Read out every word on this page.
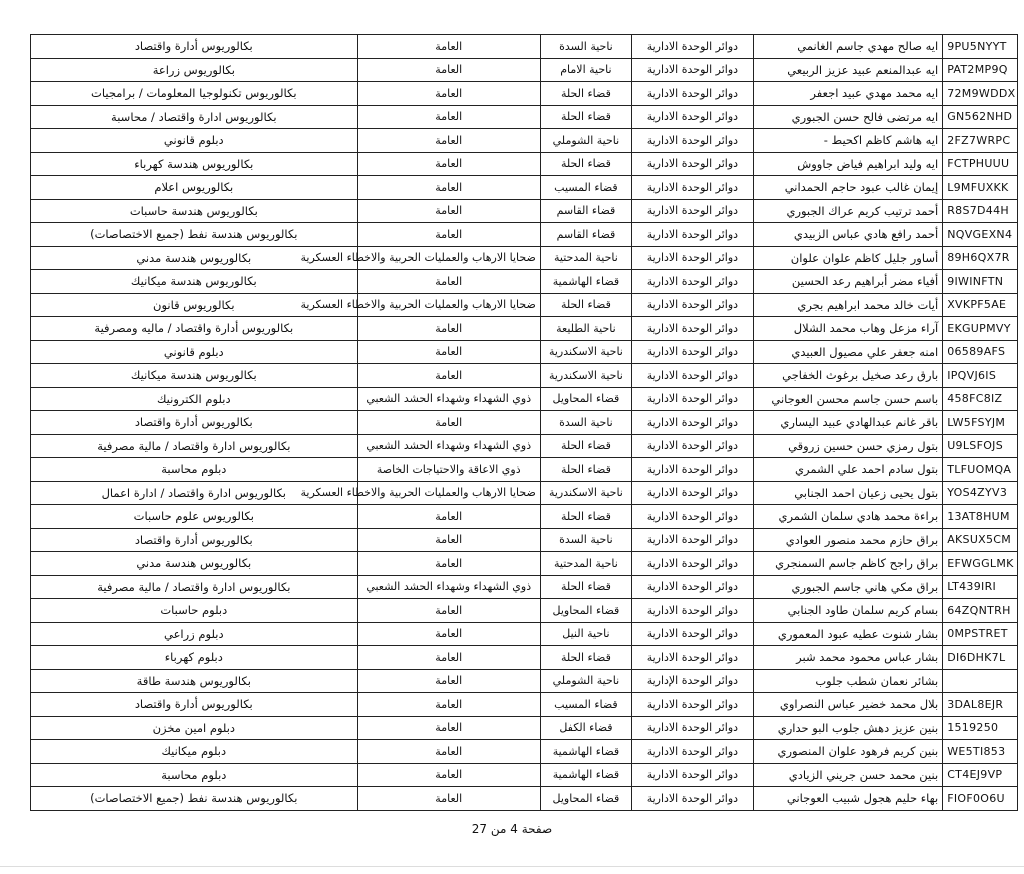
بكالوريوس أدارة واقتصاد	العامة	ناحية السدة	دوائر الوحدة الادارية	ايه صالح مهدي جاسم الغانمي	9PU5NYYT	
بكالوريوس زراعة	العامة	ناحية الامام	دوائر الوحدة الادارية	ايه عبدالمنعم عبيد عزيز الربيعي	PAT2MP9Q	
بكالوريوس تكنولوجيا المعلومات / برامجيات	العامة	قضاء الحلة	دوائر الوحدة الادارية	ايه محمد مهدي عبيد اجعفر	72M9WDDX	
بكالوريوس ادارة واقتصاد / محاسبة	العامة	قضاء الحلة	دوائر الوحدة الادارية	ايه مرتضى فالح حسن الجبوري	GN562NHD	
دبلوم قانوني	العامة	ناحية الشوملي	دوائر الوحدة الادارية	ايه هاشم كاظم اكحيط -	2FZ7WRPC	
بكالوريوس هندسة كهرباء	العامة	قضاء الحلة	دوائر الوحدة الادارية	ايه وليد ابراهيم فياض جاووش	FCTPHUUU	
بكالوريوس اعلام	العامة	قضاء المسيب	دوائر الوحدة الادارية	إيمان غالب عبود حاجم الحمداني	L9MFUXKK	
بكالوريوس هندسة حاسبات	العامة	قضاء القاسم	دوائر الوحدة الادارية	أحمد ترتيب كريم عراك الجبوري	R8S7D44H	
بكالوريوس هندسة نفط (جميع الاختصاصات)	العامة	قضاء القاسم	دوائر الوحدة الادارية	أحمد رافع هادي عباس الزبيدي	NQVGEXN4	
بكالوريوس هندسة مدني	ضحايا الارهاب والعمليات الحربية والاخطاء العسكرية	ناحية المدحتية	دوائر الوحدة الادارية	أساور جليل كاظم علوان علوان	89H6QX7R	
بكالوريوس هندسة ميكانيك	العامة	قضاء الهاشمية	دوائر الوحدة الادارية	أفياء مضر أبراهيم رعد الحسين	9IWINFTN	
بكالوريوس قانون	ضحايا الارهاب والعمليات الحربية والاخطاء العسكرية	قضاء الحلة	دوائر الوحدة الادارية	أيات خالد محمد ابراهيم بجري	XVKPF5AE	
بكالوريوس أدارة واقتصاد / ماليه ومصرفية	العامة	ناحية الطليعة	دوائر الوحدة الادارية	آراء مزعل وهاب محمد الشلال	EKGUPMVY	
دبلوم قانوني	العامة	ناحية الاسكندرية	دوائر الوحدة الادارية	امنه جعفر علي مصيول العبيدي	06589AFS	
بكالوريوس هندسة ميكانيك	العامة	ناحية الاسكندرية	دوائر الوحدة الادارية	بارق رعد صخيل برغوث الخفاجي	IPQVJ6IS	
دبلوم الكترونيك	ذوي الشهداء وشهداء الحشد الشعبي	قضاء المحاويل	دوائر الوحدة الادارية	باسم حسن جاسم محسن العوجاني	458FC8IZ	
بكالوريوس أدارة واقتصاد	العامة	ناحية السدة	دوائر الوحدة الادارية	باقر غانم عبدالهادي عبيد اليساري	LW5FSYJM	
بكالوريوس ادارة واقتصاد / مالية مصرفية	ذوي الشهداء وشهداء الحشد الشعبي	قضاء الحلة	دوائر الوحدة الادارية	بتول رمزي حسن حسين زروقي	U9LSFOJS	
دبلوم محاسبة	ذوي الاعاقة والاحتياجات الخاصة	قضاء الحلة	دوائر الوحدة الادارية	بتول سادم احمد علي الشمري	TLFUOMQA	
بكالوريوس ادارة واقتصاد / ادارة اعمال	ضحايا الارهاب والعمليات الحربية والاخطاء العسكرية	ناحية الاسكندرية	دوائر الوحدة الادارية	بتول يحيى زعيان احمد الجنابي	YOS4ZYV3	
بكالوريوس علوم حاسبات	العامة	قضاء الحلة	دوائر الوحدة الادارية	براءة محمد هادي سلمان الشمري	13AT8HUM	
بكالوريوس أدارة واقتصاد	العامة	ناحية السدة	دوائر الوحدة الادارية	براق حازم محمد منصور العوادي	AKSUX5CM	
بكالوريوس هندسة مدني	العامة	ناحية المدحتية	دوائر الوحدة الادارية	براق راجح كاظم جاسم السمنجري	EFWGGLMK	
بكالوريوس ادارة واقتصاد / مالية مصرفية	ذوي الشهداء وشهداء الحشد الشعبي	قضاء الحلة	دوائر الوحدة الادارية	براق مكي هاني جاسم الجبوري	LT439IRI	
دبلوم حاسبات	العامة	قضاء المحاويل	دوائر الوحدة الادارية	بسام كريم سلمان طاود الجنابي	64ZQNTRH	
دبلوم زراعي	العامة	ناحية النيل	دوائر الوحدة الادارية	بشار شنوت عطيه عبود المعموري	0MPSTRET	
دبلوم كهرباء	العامة	قضاء الحلة	دوائر الوحدة الادارية	بشار عباس محمود محمد شبر	DI6DHK7L	
بكالوريوس هندسة طاقة	العامة	ناحية الشوملي	دوائر الوحدة الإدارية	بشائر نعمان شطب جلوب		
بكالوريوس أدارة واقتصاد	العامة	قضاء المسيب	دوائر الوحدة الادارية	بلال محمد خضير عباس النصراوي	3DAL8EJR	
دبلوم امين مخزن	العامة	قضاء الكفل	دوائر الوحدة الادارية	بنين عزيز دهش جلوب البو حداري	1519250	
دبلوم ميكانيك	العامة	قضاء الهاشمية	دوائر الوحدة الادارية	بنين كريم فرهود علوان المنصوري	WE5TI853	
دبلوم محاسبة	العامة	قضاء الهاشمية	دوائر الوحدة الادارية	بنين محمد حسن جريني الزيادي	CT4EJ9VP	
بكالوريوس هندسة نفط (جميع الاختصاصات)	العامة	قضاء المحاويل	دوائر الوحدة الادارية	بهاء حليم هجول شبيب العوجاني	FIOF0O6U	
صفحة 4 من 27
